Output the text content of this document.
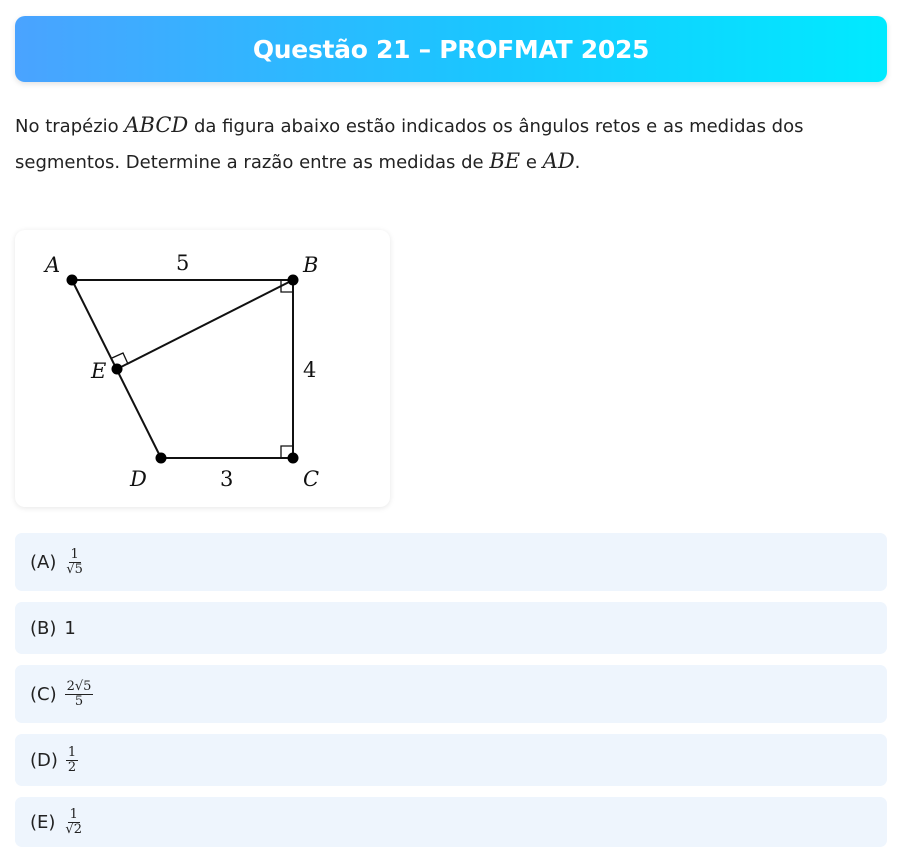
Questão 21 – PROFMAT 2025
No trapézio ABCD da figura abaixo estão indicados os ângulos retos e as medidas dos segmentos. Determine a razão entre as medidas de BE e AD.
A	B
C
D
E
5
4
3
$(A) \frac{1}{√5}$
(B) 1
$(C) \frac{2√5}{5}$
$(D) \frac{1}{2}$
$(E) \frac{1}{√2}$
